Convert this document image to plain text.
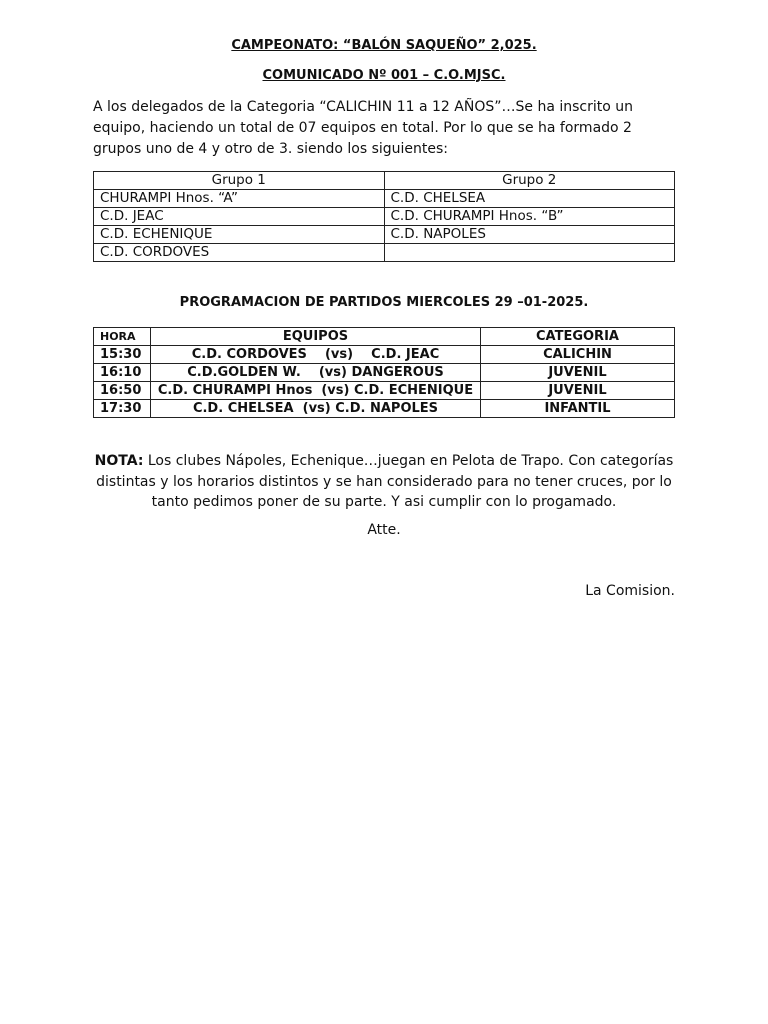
CAMPEONATO: “BALÓN SAQUEÑO” 2,025.
COMUNICADO Nº 001 – C.O.MJSC.
A los delegados de la Categoria “CALICHIN 11 a 12 AÑOS”…Se ha inscrito un equipo, haciendo un total de 07 equipos en total. Por lo que se ha formado 2 grupos uno de 4 y otro de 3. siendo los siguientes:
Grupo 1	Grupo 2
CHURAMPI Hnos. “A”	C.D. CHELSEA
C.D. JEAC	C.D. CHURAMPI Hnos. “B”
C.D. ECHENIQUE	C.D. NAPOLES
C.D. CORDOVES	
PROGRAMACION DE PARTIDOS MIERCOLES 29 –01-2025.
HORA	EQUIPOS	CATEGORIA
15:30	C.D. CORDOVES    (vs)    C.D. JEAC	CALICHIN
16:10	C.D.GOLDEN W.    (vs) DANGEROUS	JUVENIL
16:50	C.D. CHURAMPI Hnos  (vs) C.D. ECHENIQUE	JUVENIL
17:30	C.D. CHELSEA  (vs) C.D. NAPOLES	INFANTIL
NOTA: Los clubes Nápoles, Echenique…juegan en Pelota de Trapo. Con categorías distintas y los horarios distintos y se han considerado para no tener cruces, por lo tanto pedimos poner de su parte. Y asi cumplir con lo progamado.
Atte.
La Comision.
